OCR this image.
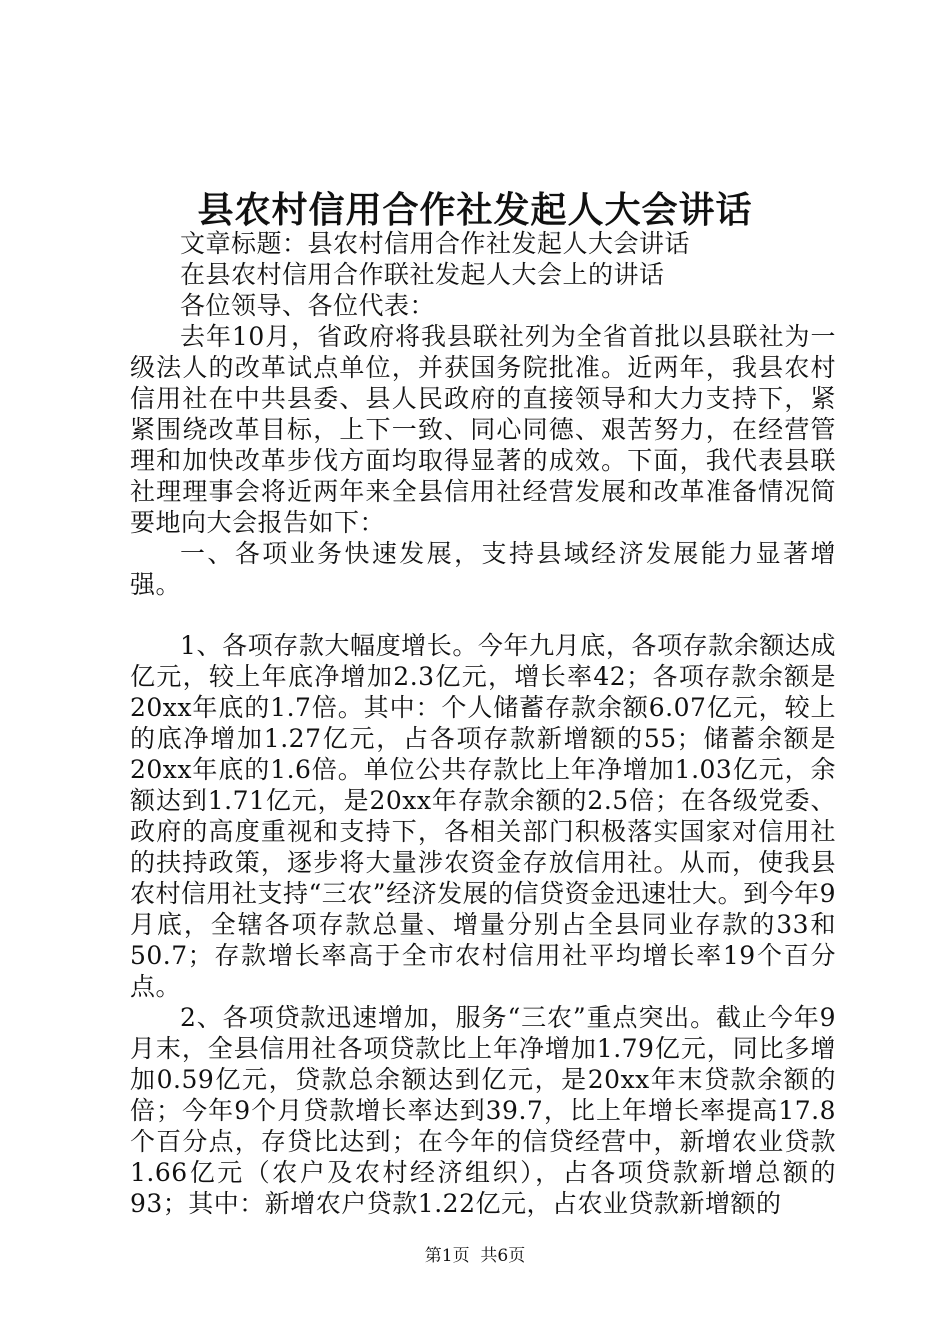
县农村信用合作社发起人大会讲话

文章标题：县农村信用合作社发起人大会讲话

在县农村信用合作联社发起人大会上的讲话

各位领导、各位代表：

去年10月，省政府将我县联社列为全省首批以县联社为一级法人的改革试点单位，并获国务院批准。近两年，我县农村信用社在中共县委、县人民政府的直接领导和大力支持下，紧紧围绕改革目标，上下一致、同心同德、艰苦努力，在经营管理和加快改革步伐方面均取得显著的成效。下面，我代表县联社理理事会将近两年来全县信用社经营发展和改革准备情况简要地向大会报告如下：

一、各项业务快速发展，支持县域经济发展能力显著增强。

1、各项存款大幅度增长。今年九月底，各项存款余额达成亿元，较上年底净增加2.3亿元，增长率42；各项存款余额是20xx年底的1.7倍。其中：个人储蓄存款余额6.07亿元，较上的底净增加1.27亿元，占各项存款新增额的55；储蓄余额是20xx年底的1.6倍。单位公共存款比上年净增加1.03亿元，余额达到1.71亿元，是20xx年存款余额的2.5倍；在各级党委、政府的高度重视和支持下，各相关部门积极落实国家对信用社的扶持政策，逐步将大量涉农资金存放信用社。从而，使我县农村信用社支持“三农”经济发展的信贷资金迅速壮大。到今年9月底，全辖各项存款总量、增量分别占全县同业存款的33和50.7；存款增长率高于全市农村信用社平均增长率19个百分点。

2、各项贷款迅速增加，服务“三农”重点突出。截止今年9月末，全县信用社各项贷款比上年净增加1.79亿元，同比多增加0.59亿元，贷款总余额达到亿元，是20xx年末贷款余额的倍；今年9个月贷款增长率达到39.7，比上年增长率提高17.8个百分点，存贷比达到；在今年的信贷经营中，新增农业贷款1.66亿元（农户及农村经济组织），占各项贷款新增总额的93；其中：新增农户贷款1.22亿元，占农业贷款新增额的

第1页  共6页
